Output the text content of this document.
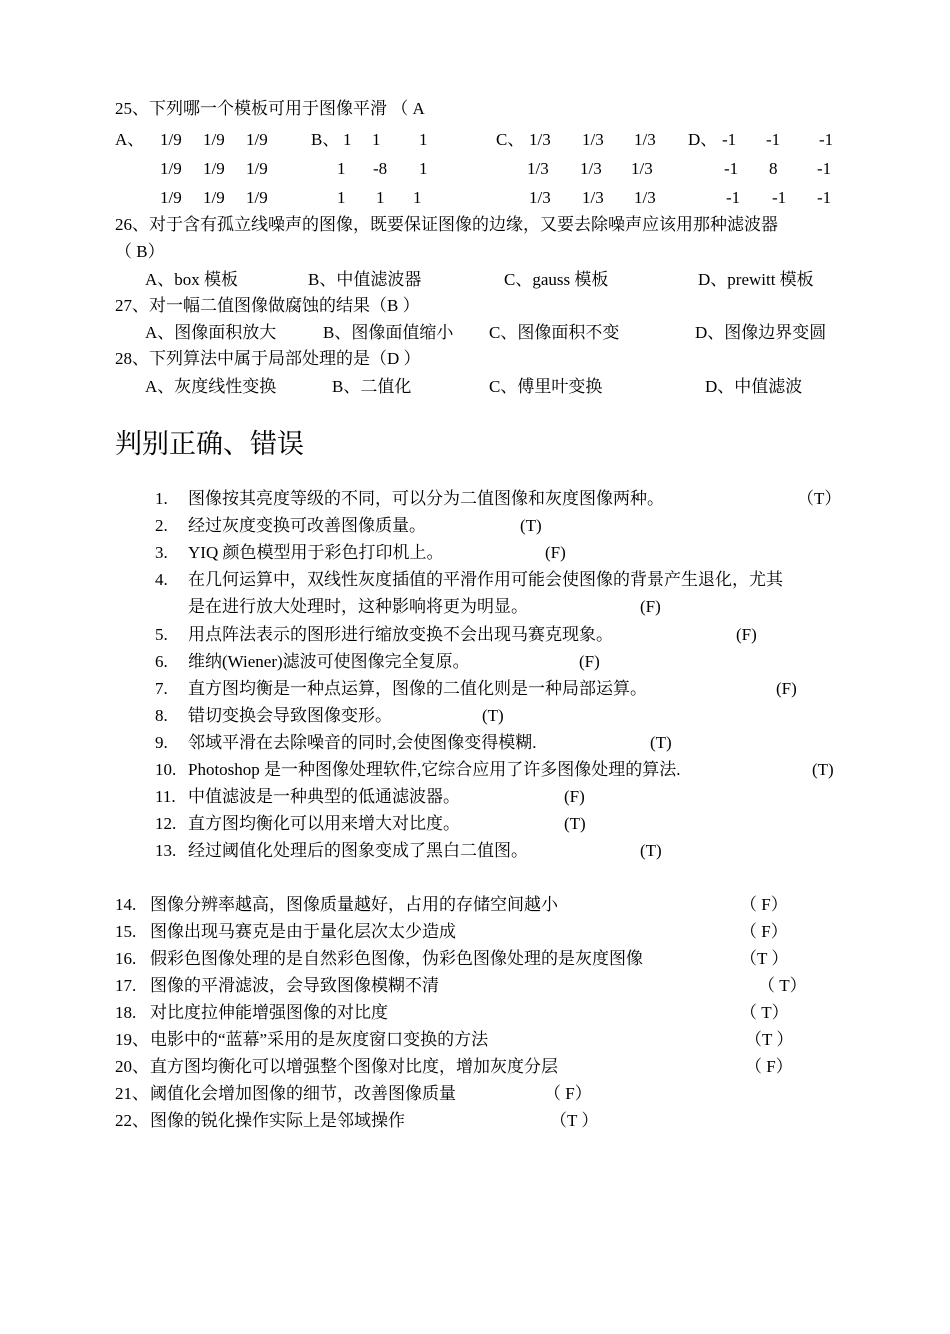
25、下列哪一个模板可用于图像平滑 （ A
A、 1/9 1/9 1/9
1/9 1/9 1/9
1/9 1/9 1/9
B、 1 1 1
1 -8 1
1 1 1
C、 1/3 1/3 1/3
1/3 1/3 1/3
1/3 1/3 1/3
D、 -1 -1 -1
-1 8 -1
-1 -1 -1
26、对于含有孤立线噪声的图像，既要保证图像的边缘，又要去除噪声应该用那种滤波器
（ B）
A、box 模板	B、中值滤波器	C、gauss 模板	D、prewitt 模板
27、对一幅二值图像做腐蚀的结果（B ）
A、图像面积放大	B、图像面值缩小 C、图像面积不变	D、图像边界变圆
28、下列算法中属于局部处理的是（D ）
A、灰度线性变换	B、二值化	C、傅里叶变换	D、中值滤波
判别正确、错误
1. 图像按其亮度等级的不同，可以分为二值图像和灰度图像两种。	（T）
2. 经过灰度变换可改善图像质量。	(T)
3. YIQ 颜色模型用于彩色打印机上。	(F)
4. 在几何运算中，双线性灰度插值的平滑作用可能会使图像的背景产生退化，尤其
是在进行放大处理时，这种影响将更为明显。	(F)
5. 用点阵法表示的图形进行缩放变换不会出现马赛克现象。	(F)
6. 维纳(Wiener)滤波可使图像完全复原。	(F)
7. 直方图均衡是一种点运算，图像的二值化则是一种局部运算。	(F)
8. 错切变换会导致图像变形。	(T)
9. 邻域平滑在去除噪音的同时,会使图像变得模糊.	(T)
10. Photoshop 是一种图像处理软件,它综合应用了许多图像处理的算法.	(T)
11. 中值滤波是一种典型的低通滤波器。	(F)
12. 直方图均衡化可以用来增大对比度。	(T)
13. 经过阈值化处理后的图象变成了黑白二值图。	(T)
14. 图像分辨率越高，图像质量越好，占用的存储空间越小	（ F）
15. 图像出现马赛克是由于量化层次太少造成	（ F）
16. 假彩色图像处理的是自然彩色图像，伪彩色图像处理的是灰度图像	（T ）
17. 图像的平滑滤波，会导致图像模糊不清	（ T）
18. 对比度拉伸能增强图像的对比度	（ T）
19、 电影中的“蓝幕”采用的是灰度窗口变换的方法	（T ）
20、 直方图均衡化可以增强整个图像对比度，增加灰度分层	（ F）
21、 阈值化会增加图像的细节，改善图像质量	（ F）
22、 图像的锐化操作实际上是邻域操作	（T ）
